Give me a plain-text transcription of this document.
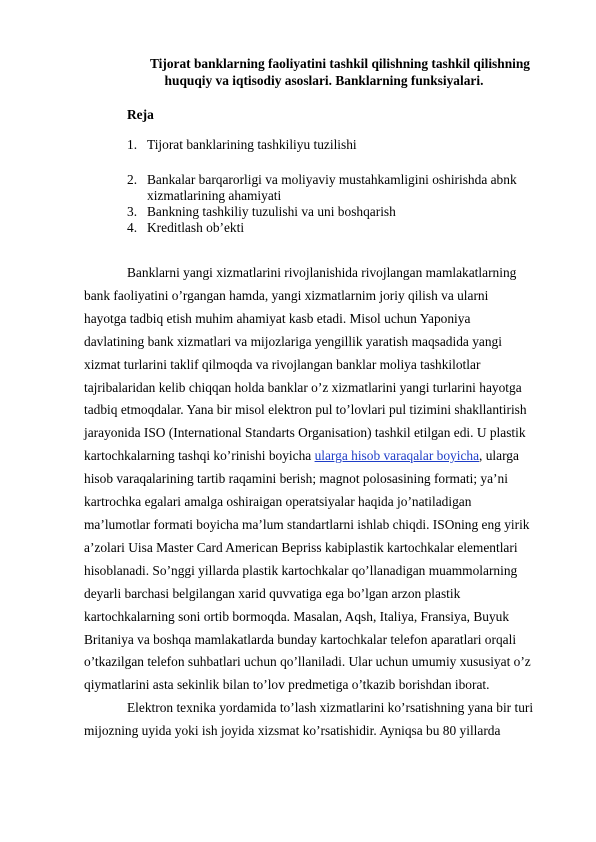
Tijorat banklarning faoliyatini tashkil qilishning tashkil qilishning
huquqiy va iqtisodiy asoslari. Banklarning funksiyalari.
Reja
1. Tijorat banklarining tashkiliyu tuzilishi
2. Bankalar barqarorligi va moliyaviy mustahkamligini oshirishda abnk
xizmatlarining ahamiyati
3. Bankning tashkiliy tuzulishi va uni boshqarish
4. Kreditlash ob’ekti

Banklarni yangi xizmatlarini rivojlanishida rivojlangan mamlakatlarning
bank faoliyatini o’rgangan hamda, yangi xizmatlarnim joriy qilish va ularni
hayotga tadbiq etish muhim ahamiyat kasb etadi. Misol uchun Yaponiya
davlatining bank xizmatlari va mijozlariga yengillik yaratish maqsadida yangi
xizmat turlarini taklif qilmoqda va rivojlangan banklar moliya tashkilotlar
tajribalaridan kelib chiqqan holda banklar o’z xizmatlarini yangi turlarini hayotga
tadbiq etmoqdalar. Yana bir misol elektron pul to’lovlari pul tizimini shakllantirish
jarayonida ISO (International Standarts Organisation) tashkil etilgan edi. U plastik
kartochkalarning tashqi ko’rinishi boyicha ularga hisob varaqalar boyicha, ularga
hisob varaqalarining tartib raqamini berish; magnot polosasining formati; ya’ni
kartrochka egalari amalga oshiraigan operatsiyalar haqida jo’natiladigan
ma’lumotlar formati boyicha ma’lum standartlarni ishlab chiqdi. ISOning eng yirik
a’zolari Uisa Master Card American Bepriss kabiplastik kartochkalar elementlari
hisoblanadi. So’nggi yillarda plastik kartochkalar qo’llanadigan muammolarning
deyarli barchasi belgilangan xarid quvvatiga ega bo’lgan arzon plastik
kartochkalarning soni ortib bormoqda. Masalan, Aqsh, Italiya, Fransiya, Buyuk
Britaniya va boshqa mamlakatlarda bunday kartochkalar telefon aparatlari orqali
o’tkazilgan telefon suhbatlari uchun qo’llaniladi. Ular uchun umumiy xususiyat o’z
qiymatlarini asta sekinlik bilan to’lov predmetiga o’tkazib borishdan iborat.
Elektron texnika yordamida to’lash xizmatlarini ko’rsatishning yana bir turi
mijozning uyida yoki ish joyida xizsmat ko’rsatishidir. Ayniqsa bu 80 yillarda
